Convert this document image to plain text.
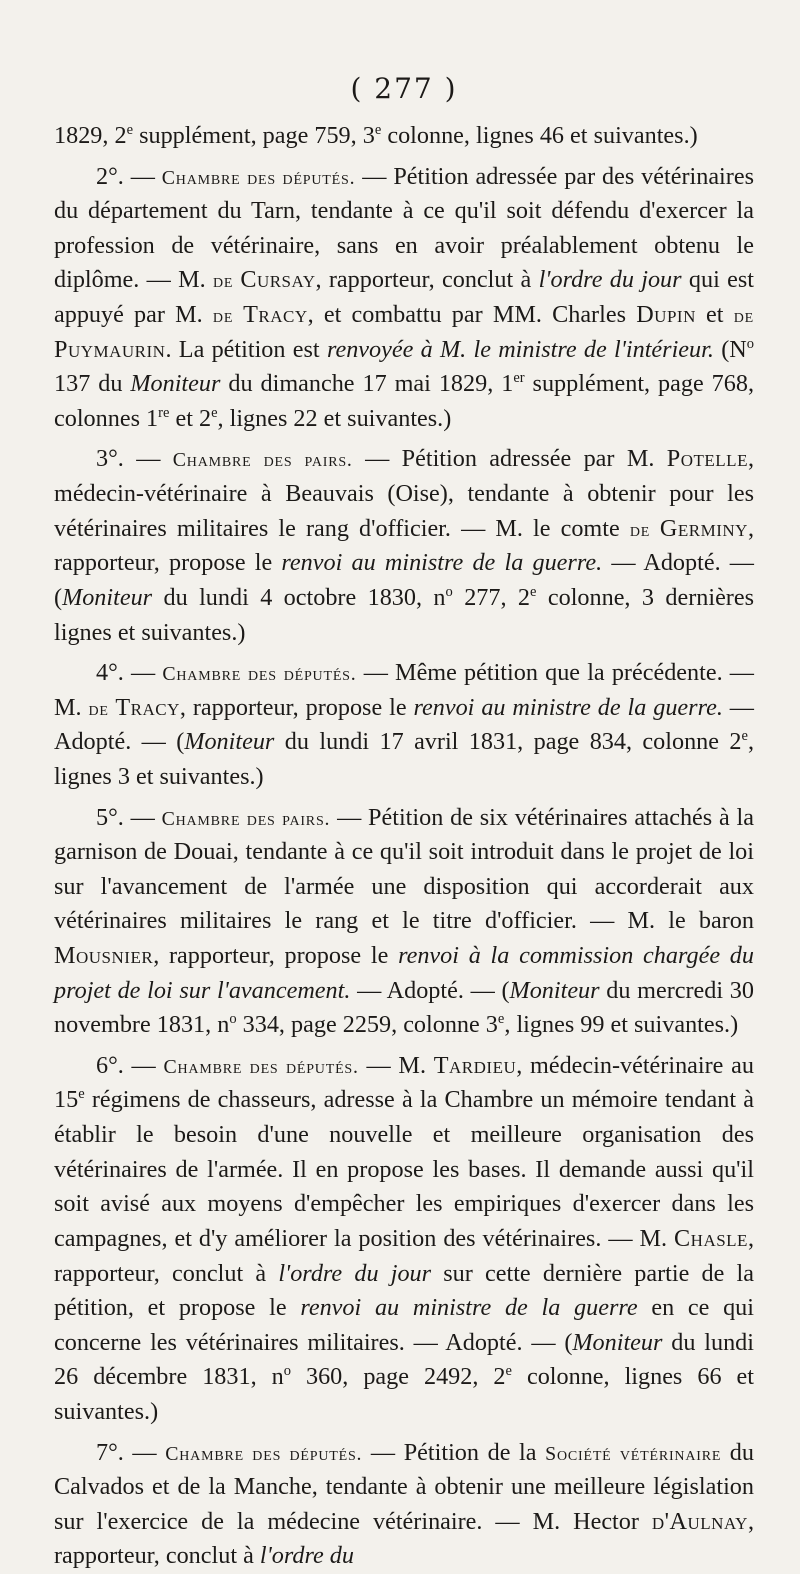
( 277 )

1829, 2e supplément, page 759, 3e colonne, lignes 46 et suivantes.)

2°. — Chambre des députés. — Pétition adressée par des vétérinaires du département du Tarn, tendante à ce qu'il soit défendu d'exercer la profession de vétérinaire, sans en avoir préalablement obtenu le diplôme. — M. de Cursay, rapporteur, conclut à l'ordre du jour qui est appuyé par M. de Tracy, et combattu par MM. Charles Dupin et de Puymaurin. La pétition est renvoyée à M. le ministre de l'intérieur. ($N^o$ 137 du Moniteur du dimanche 17 mai 1829, 1er supplément, page 768, colonnes 1re et 2e, lignes 22 et suivantes.)

3°. — Chambre des pairs. — Pétition adressée par M. Potelle, médecin-vétérinaire à Beauvais (Oise), tendante à obtenir pour les vétérinaires militaires le rang d'officier. — M. le comte de Germiny, rapporteur, propose le renvoi au ministre de la guerre. — Adopté. — (Moniteur du lundi 4 octobre 1830, $n^o$ 277, 2e colonne, 3 dernières lignes et suivantes.)

4°. — Chambre des députés. — Même pétition que la précédente. — M. de Tracy, rapporteur, propose le renvoi au ministre de la guerre. — Adopté. — (Moniteur du lundi 17 avril 1831, page 834, colonne 2e, lignes 3 et suivantes.)

5°. — Chambre des pairs. — Pétition de six vétérinaires attachés à la garnison de Douai, tendante à ce qu'il soit introduit dans le projet de loi sur l'avancement de l'armée une disposition qui accorderait aux vétérinaires militaires le rang et le titre d'officier. — M. le baron Mousnier, rapporteur, propose le renvoi à la commission chargée du projet de loi sur l'avancement. — Adopté. — (Moniteur du mercredi 30 novembre 1831, $n^o$ 334, page 2259, colonne 3e, lignes 99 et suivantes.)

6°. — Chambre des députés. — M. Tardieu, médecin-vétérinaire au 15e régimens de chasseurs, adresse à la Chambre un mémoire tendant à établir le besoin d'une nouvelle et meilleure organisation des vétérinaires de l'armée. Il en propose les bases. Il demande aussi qu'il soit avisé aux moyens d'empêcher les empiriques d'exercer dans les campagnes, et d'y améliorer la position des vétérinaires. — M. Chasle, rapporteur, conclut à l'ordre du jour sur cette dernière partie de la pétition, et propose le renvoi au ministre de la guerre en ce qui concerne les vétérinaires militaires. — Adopté. — (Moniteur du lundi 26 décembre 1831, $n^o$ 360, page 2492, 2e colonne, lignes 66 et suivantes.)

7°. — Chambre des députés. — Pétition de la Société vétérinaire du Calvados et de la Manche, tendante à obtenir une meilleure législation sur l'exercice de la médecine vétérinaire. — M. Hector d'Aulnay, rapporteur, conclut à l'ordre du
